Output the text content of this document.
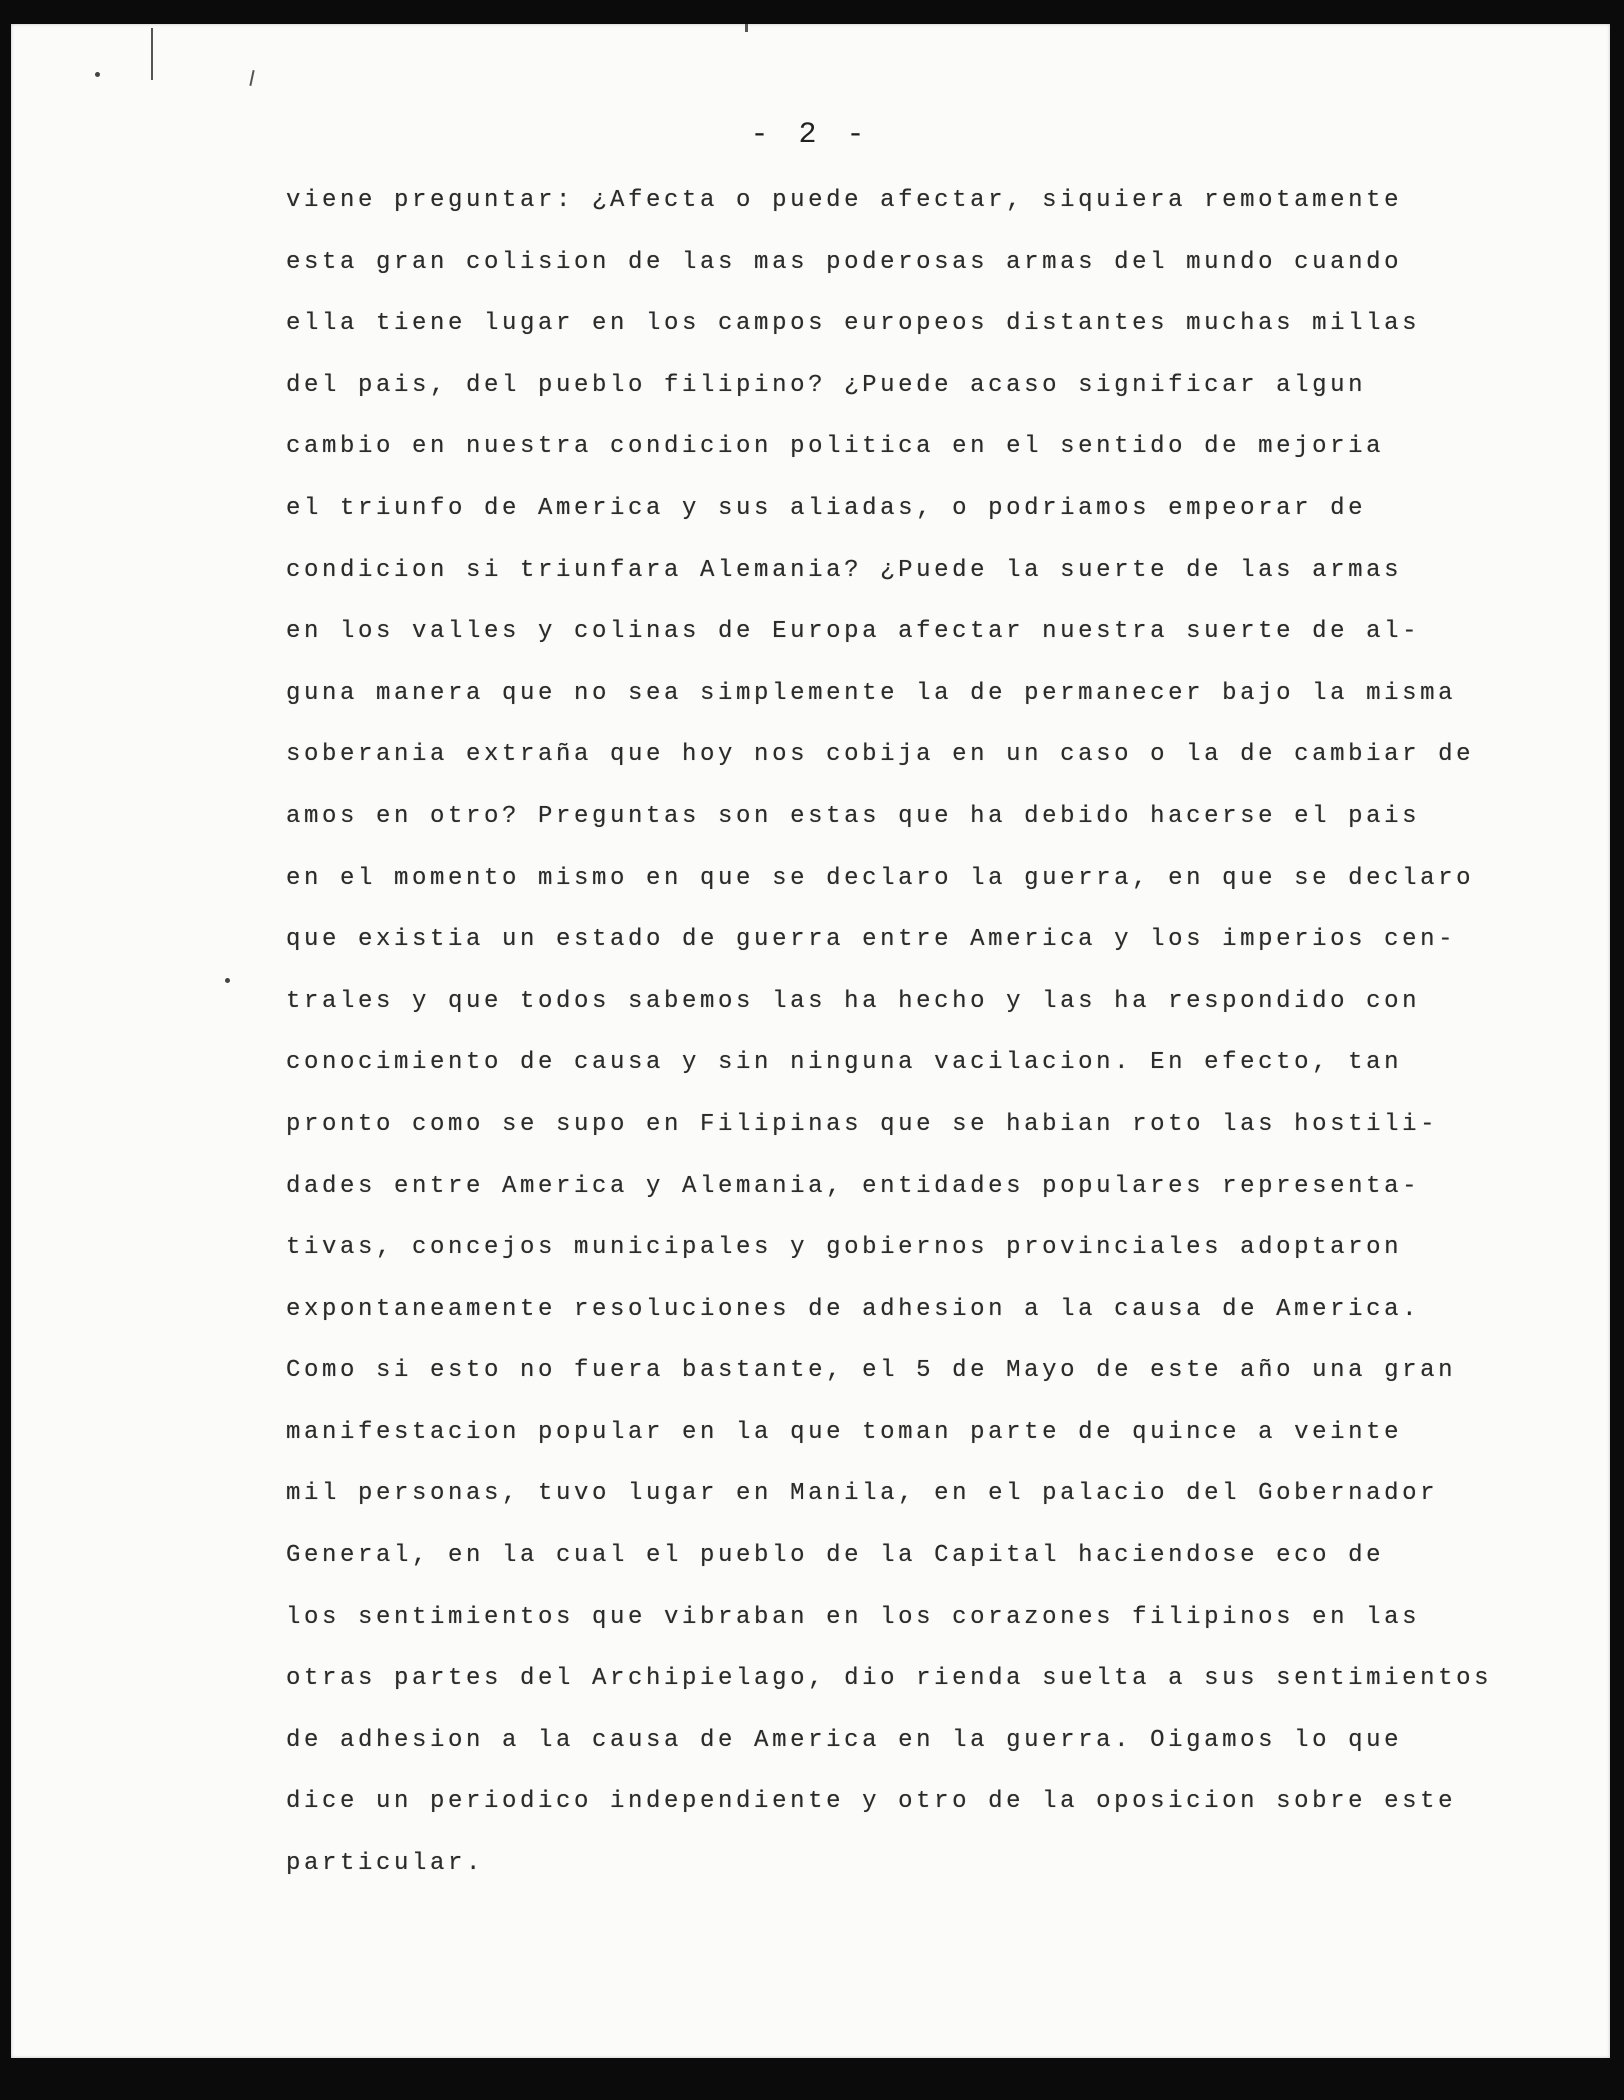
- 2 -
viene preguntar: ¿Afecta o puede afectar, siquiera remotamente
esta gran colision de las mas poderosas armas del mundo cuando
ella tiene lugar en los campos europeos distantes muchas millas
del pais, del pueblo filipino? ¿Puede acaso significar algun
cambio en nuestra condicion politica en el sentido de mejoria
el triunfo de America y sus aliadas, o podriamos empeorar de
condicion si triunfara Alemania? ¿Puede la suerte de las armas
en los valles y colinas de Europa afectar nuestra suerte de al-
guna manera que no sea simplemente la de permanecer bajo la misma
soberania extraña que hoy nos cobija en un caso o la de cambiar de
amos en otro? Preguntas son estas que ha debido hacerse el pais
en el momento mismo en que se declaro la guerra, en que se declaro
que existia un estado de guerra entre America y los imperios cen-
trales y que todos sabemos las ha hecho y las ha respondido con
conocimiento de causa y sin ninguna vacilacion. En efecto, tan
pronto como se supo en Filipinas que se habian roto las hostili-
dades entre America y Alemania, entidades populares representa-
tivas, concejos municipales y gobiernos provinciales adoptaron
expontaneamente resoluciones de adhesion a la causa de America.
Como si esto no fuera bastante, el 5 de Mayo de este año una gran
manifestacion popular en la que toman parte de quince a veinte
mil personas, tuvo lugar en Manila, en el palacio del Gobernador
General, en la cual el pueblo de la Capital haciendose eco de
los sentimientos que vibraban en los corazones filipinos en las
otras partes del Archipielago, dio rienda suelta a sus sentimientos
de adhesion a la causa de America en la guerra. Oigamos lo que
dice un periodico independiente y otro de la oposicion sobre este
particular.
